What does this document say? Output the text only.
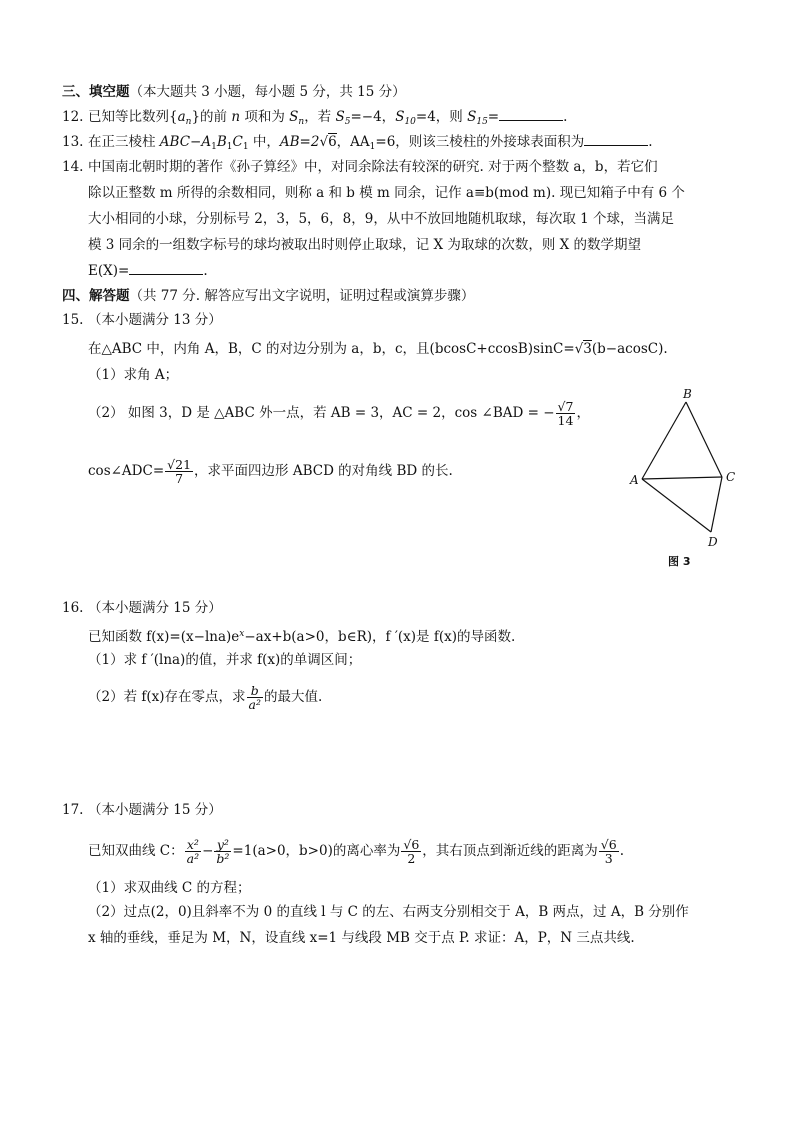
三、填空题（本大题共 3 小题，每小题 5 分，共 15 分）
12. 已知等比数列$\{a_n\}$的前 n 项和为 $S_n$，若 $S_5=-4$，$S_{10}=4$，则 $S_{15}=$	.
13. 在正三棱柱 $ABC-A_1B_1C_1$ 中，AB=2√6，$AA_1=6$，则该三棱柱的外接球表面积为	.
14. 中国南北朝时期的著作《孙子算经》中，对同余除法有较深的研究. 对于两个整数 a，b，若它们
除以正整数 m 所得的余数相同，则称 a 和 b 模 m 同余，记作 a≡b(mod m). 现已知箱子中有 6 个
大小相同的小球，分别标号 2，3，5，6，8，9，从中不放回地随机取球，每次取 1 个球，当满足
模 3 同余的一组数字标号的球均被取出时则停止取球，记 X 为取球的次数，则 X 的数学期望
E(X)=	.
四、解答题（共 77 分. 解答应写出文字说明，证明过程或演算步骤）
15. （本小题满分 13 分）
在△ABC 中，内角 A，B，C 的对边分别为 a，b，c，且(bcosC+ccosB)sinC=√3(b−acosC).
（1）求角 A；
（2） 如图 3，D 是 △ABC 外一点，若 AB = 3，AC = 2，cos ∠BAD = − $\frac{√7}{14}$ ，
cos∠ADC= $\frac{√21}{7}$ ，求平面四边形 ABCD 的对角线 BD 的长.
B
A	C
D
图 3
16. （本小题满分 15 分）
已知函数 $f(x)=(x-\ln a)e^x-ax+b(a>0$，b∈R)，f ′(x)是 f(x)的导函数.
（1）求 f ′(lna)的值，并求 f(x)的单调区间；
（2）若 f(x)存在零点，求 $\frac{b}{\text{a²}}$ 的最大值.
17. （本小题满分 15 分）
已知双曲线 C： $\frac{\text{x²}}{\text{a²}} - \frac{\text{y²}}{\text{b²}} =1(a>0$，b>0)的离心率为 $\frac{√6}{2}$ ，其右顶点到渐近线的距离为 $\frac{√6}{3}$ .
（1）求双曲线 C 的方程；
（2）过点(2，0)且斜率不为 0 的直线 l 与 C 的左、右两支分别相交于 A，B 两点，过 A，B 分别作
x 轴的垂线，垂足为 M，N，设直线 x=1 与线段 MB 交于点 P. 求证：A，P，N 三点共线.
